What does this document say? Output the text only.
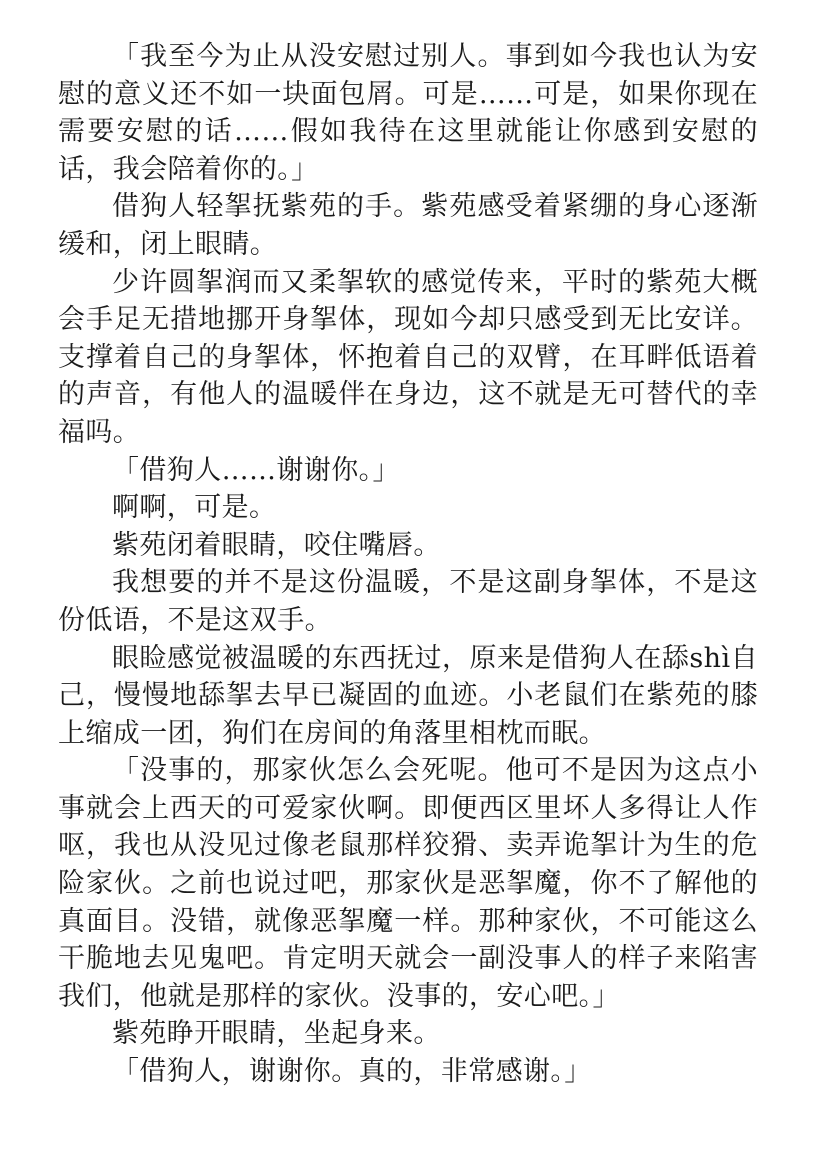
「我至今为止从没安慰过别人。事到如今我也认为安慰的意义还不如一块面包屑。可是……可是，如果你现在需要安慰的话……假如我待在这里就能让你感到安慰的话，我会陪着你的。」

借狗人轻挐抚紫苑的手。紫苑感受着紧绷的身心逐渐缓和，闭上眼睛。

少许圆挐润而又柔挐软的感觉传来，平时的紫苑大概会手足无措地挪开身挐体，现如今却只感受到无比安详。支撑着自己的身挐体，怀抱着自己的双臂，在耳畔低语着的声音，有他人的温暖伴在身边，这不就是无可替代的幸福吗。

「借狗人……谢谢你。」

啊啊，可是。

紫苑闭着眼睛，咬住嘴唇。

我想要的并不是这份温暖，不是这副身挐体，不是这份低语，不是这双手。

眼睑感觉被温暖的东西抚过，原来是借狗人在舔shì自己，慢慢地舔挐去早已凝固的血迹。小老鼠们在紫苑的膝上缩成一团，狗们在房间的角落里相枕而眠。

「没事的，那家伙怎么会死呢。他可不是因为这点小事就会上西天的可爱家伙啊。即便西区里坏人多得让人作呕，我也从没见过像老鼠那样狡猾、卖弄诡挐计为生的危险家伙。之前也说过吧，那家伙是恶挐魔，你不了解他的真面目。没错，就像恶挐魔一样。那种家伙，不可能这么干脆地去见鬼吧。肯定明天就会一副没事人的样子来陷害我们，他就是那样的家伙。没事的，安心吧。」

紫苑睁开眼睛，坐起身来。

「借狗人，谢谢你。真的，非常感谢。」
